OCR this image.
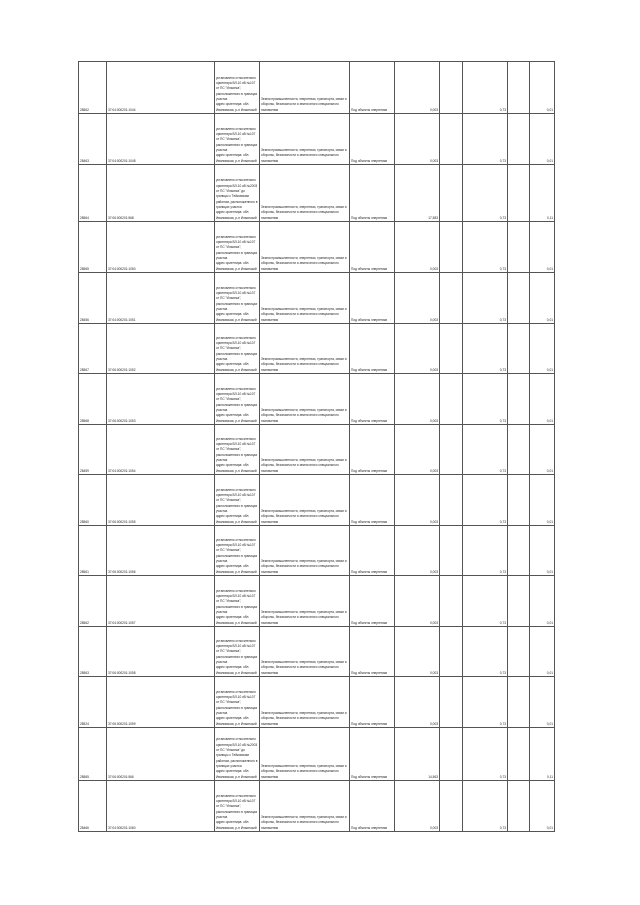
28562	37:04:000201:1044	установлено относительно ориентира ВЛ-10 кВ №107 от ПС "Ильинка", расположенного в границах участка
адрес ориентира: обл. Ивановская, р-н Ильинский	Земли промышленности, энергетики, транспорта, связи и обороны, безопасности и земли иного специального назначения	Под объекты энергетики	0,003		0,73		0,01
28463	37:04:000201:1048	установлено относительно ориентира ВЛ-10 кВ №107 от ПС "Ильинка", расположенного в границах участка
адрес ориентира: обл. Ивановская, р-н Ильинский	Земли промышленности, энергетики, транспорта, связи и обороны, безопасности и земли иного специального назначения	Под объекты энергетики	0,003		0,73		0,01
28564	37:06:000201:568	установлено относительно ориентира ВЛ-10 кВ №2003 от ПС "Ильинка" до границы с Тейковским районом, расположенного в границах участка
адрес ориентира: обл. Ивановская, р-н Ильинский	Земли промышленности, энергетики, транспорта, связи и обороны, безопасности и земли иного специального назначения	Под объекты энергетики	17,583		0,73		0,11
28565	37:04:000201:1050	установлено относительно ориентира ВЛ-10 кВ №107 от ПС "Ильинка", расположенного в границах участка
адрес ориентира: обл. Ивановская, р-н Ильинский	Земли промышленности, энергетики, транспорта, связи и обороны, безопасности и земли иного специального назначения	Под объекты энергетики	0,003		0,73		0,01
28456	37:04:000201:1051	установлено относительно ориентира ВЛ-10 кВ №107 от ПС "Ильинка", расположенного в границах участка
адрес ориентира: обл. Ивановская, р-н Ильинский	Земли промышленности, энергетики, транспорта, связи и обороны, безопасности и земли иного специального назначения	Под объекты энергетики	0,003		0,73		0,01
28567	37:06:000201:1052	установлено относительно ориентира ВЛ-10 кВ №107 от ПС "Ильинка", расположенного в границах участка
адрес ориентира: обл. Ивановская, р-н Ильинский	Земли промышленности, энергетики, транспорта, связи и обороны, безопасности и земли иного специального назначения	Под объекты энергетики	0,003		0,73		0,01
28568	37:06:000201:1053	установлено относительно ориентира ВЛ-10 кВ №107 от ПС "Ильинка", расположенного в границах участка
адрес ориентира: обл. Ивановская, р-н Ильинский	Земли промышленности, энергетики, транспорта, связи и обороны, безопасности и земли иного специального назначения	Под объекты энергетики	0,003		0,73		0,01
28459	37:04:000201:1054	установлено относительно ориентира ВЛ-10 кВ №107 от ПС "Ильинка", расположенного в границах участка
адрес ориентира: обл. Ивановская, р-н Ильинский	Земли промышленности, энергетики, транспорта, связи и обороны, безопасности и земли иного специального назначения	Под объекты энергетики	0,003		0,73		0,01
28560	37:06:000201:1055	установлено относительно ориентира ВЛ-10 кВ №107 от ПС "Ильинка", расположенного в границах участка
адрес ориентира: обл. Ивановская, р-н Ильинский	Земли промышленности, энергетики, транспорта, связи и обороны, безопасности и земли иного специального назначения	Под объекты энергетики	0,003		0,73		0,01
28561	37:06:000201:1056	установлено относительно ориентира ВЛ-10 кВ №107 от ПС "Ильинка", расположенного в границах участка
адрес ориентира: обл. Ивановская, р-н Ильинский	Земли промышленности, энергетики, транспорта, связи и обороны, безопасности и земли иного специального назначения	Под объекты энергетики	0,003		0,73		0,01
28562	37:04:000201:1057	установлено относительно ориентира ВЛ-10 кВ №107 от ПС "Ильинка", расположенного в границах участка
адрес ориентира: обл. Ивановская, р-н Ильинский	Земли промышленности, энергетики, транспорта, связи и обороны, безопасности и земли иного специального назначения	Под объекты энергетики	0,003		0,73		0,01
28563	37:06:000201:1058	установлено относительно ориентира ВЛ-10 кВ №107 от ПС "Ильинка", расположенного в границах участка
адрес ориентира: обл. Ивановская, р-н Ильинский	Земли промышленности, энергетики, транспорта, связи и обороны, безопасности и земли иного специального назначения	Под объекты энергетики	0,003		0,73		0,01
28524	37:06:000201:1059	установлено относительно ориентира ВЛ-10 кВ №107 от ПС "Ильинка", расположенного в границах участка
адрес ориентира: обл. Ивановская, р-н Ильинский	Земли промышленности, энергетики, транспорта, связи и обороны, безопасности и земли иного специального назначения	Под объекты энергетики	0,003		0,73		0,01
28565	37:06:000201:566	установлено относительно ориентира ВЛ-10 кВ №2003 от ПС "Ильинка" до границы с Тейковским районом, расположенного в границах участка
адрес ориентира: обл. Ивановская, р-н Ильинский	Земли промышленности, энергетики, транспорта, связи и обороны, безопасности и земли иного специального назначения	Под объекты энергетики	14,563		0,73		0,11
28466	37:04:000201:1060	установлено относительно ориентира ВЛ-10 кВ №107 от ПС "Ильинка", расположенного в границах участка
адрес ориентира: обл. Ивановская, р-н Ильинский	Земли промышленности, энергетики, транспорта, связи и обороны, безопасности и земли иного специального назначения	Под объекты энергетики	0,003		0,73		0,01
